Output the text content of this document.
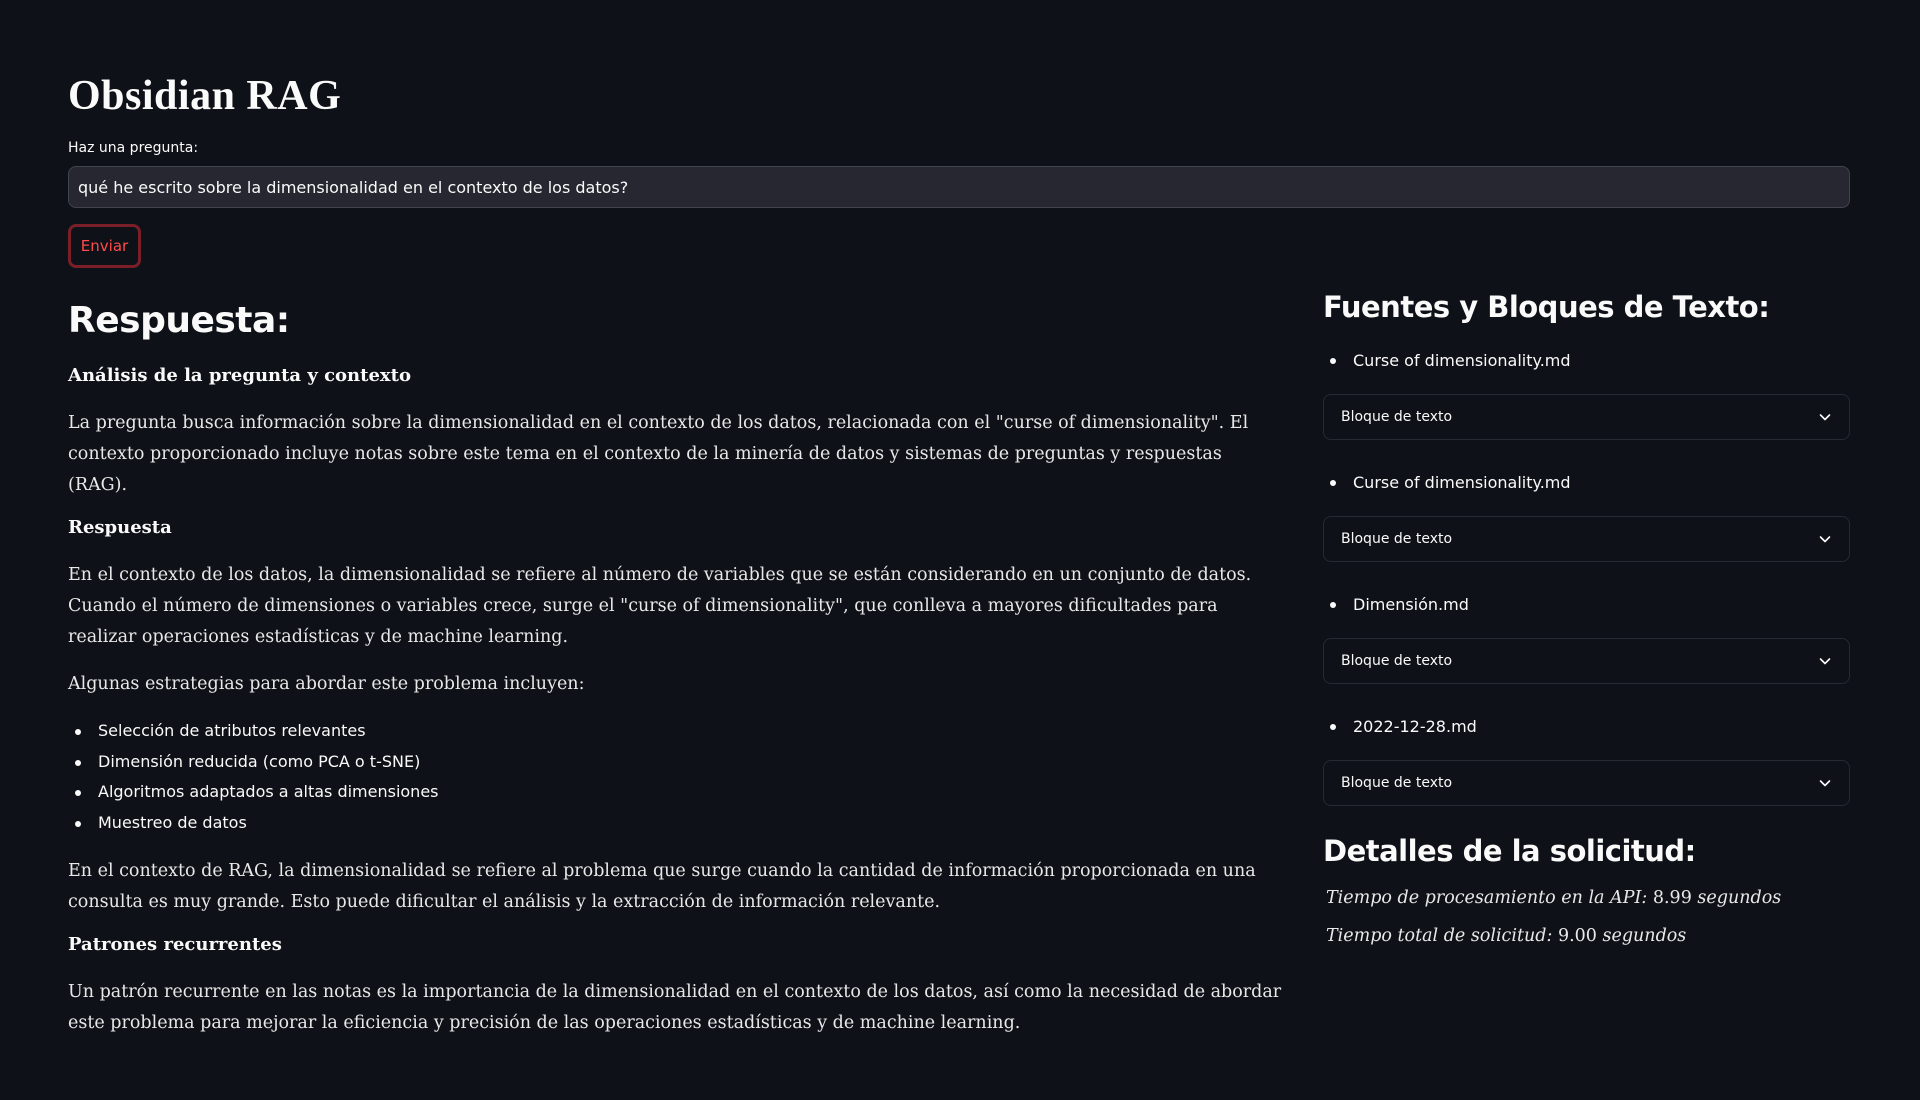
Obsidian RAG
Haz una pregunta:
qué he escrito sobre la dimensionalidad en el contexto de los datos?
Enviar
Respuesta:
Análisis de la pregunta y contexto

La pregunta busca información sobre la dimensionalidad en el contexto de los datos, relacionada con el "curse of dimensionality". El contexto proporcionado incluye notas sobre este tema en el contexto de la minería de datos y sistemas de preguntas y respuestas (RAG).

Respuesta

En el contexto de los datos, la dimensionalidad se refiere al número de variables que se están considerando en un conjunto de datos. Cuando el número de dimensiones o variables crece, surge el "curse of dimensionality", que conlleva a mayores dificultades para realizar operaciones estadísticas y de machine learning.

Algunas estrategias para abordar este problema incluyen:

Selección de atributos relevantes
Dimensión reducida (como PCA o t-SNE)
Algoritmos adaptados a altas dimensiones
Muestreo de datos

En el contexto de RAG, la dimensionalidad se refiere al problema que surge cuando la cantidad de información proporcionada en una consulta es muy grande. Esto puede dificultar el análisis y la extracción de información relevante.

Patrones recurrentes

Un patrón recurrente en las notas es la importancia de la dimensionalidad en el contexto de los datos, así como la necesidad de abordar este problema para mejorar la eficiencia y precisión de las operaciones estadísticas y de machine learning.

Fuentes y Bloques de Texto:
Curse of dimensionality.md
Bloque de texto
Curse of dimensionality.md
Bloque de texto
Dimensión.md
Bloque de texto
2022-12-28.md
Bloque de texto
Detalles de la solicitud:

Tiempo de procesamiento en la API: 8.99 segundos

Tiempo total de solicitud: 9.00 segundos
